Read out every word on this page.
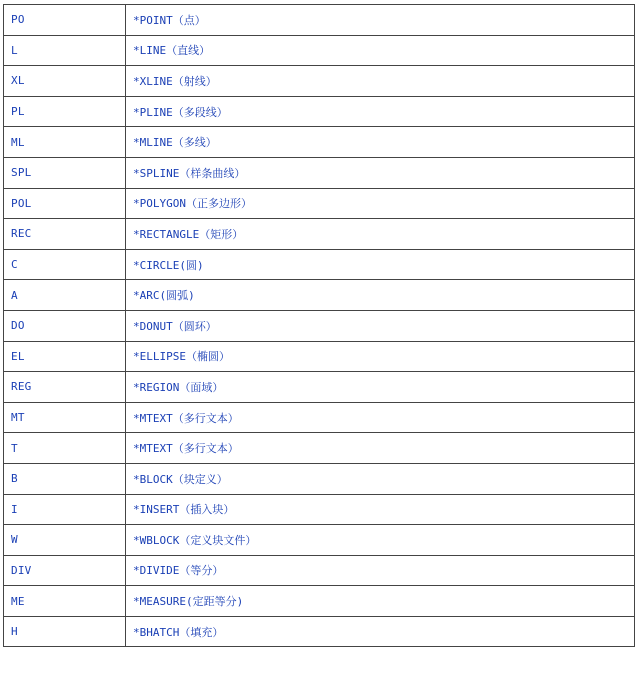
PO	*POINT（点）
L	*LINE（直线）
XL	*XLINE（射线）
PL	*PLINE（多段线）
ML	*MLINE（多线）
SPL	*SPLINE（样条曲线）
POL	*POLYGON（正多边形）
REC	*RECTANGLE（矩形）
C	*CIRCLE(圆)
A	*ARC(圆弧)
DO	*DONUT（圆环）
EL	*ELLIPSE（椭圆）
REG	*REGION（面域）
MT	*MTEXT（多行文本）
T	*MTEXT（多行文本）
B	*BLOCK（块定义）
I	*INSERT（插入块）
W	*WBLOCK（定义块文件）
DIV	*DIVIDE（等分）
ME	*MEASURE(定距等分)
H	*BHATCH（填充）
